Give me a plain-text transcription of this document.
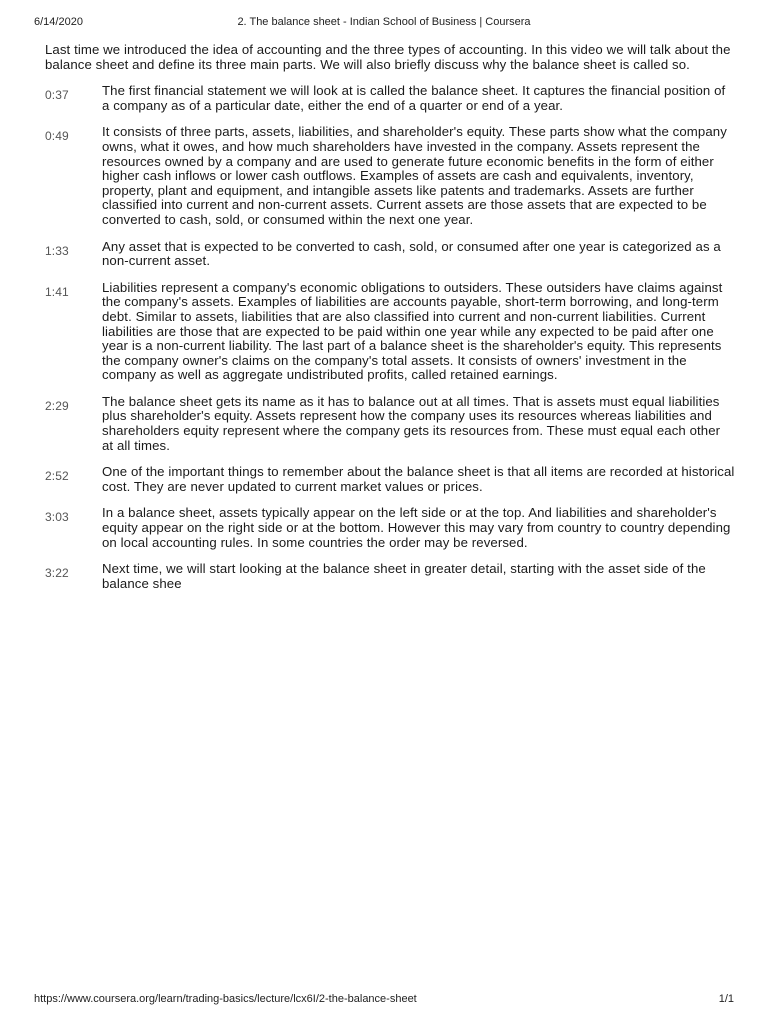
6/14/2020	2. The balance sheet - Indian School of Business | Coursera

Last time we introduced the idea of accounting and the three types of accounting. In this video we will talk about the balance sheet and define its three main parts. We will also briefly discuss why the balance sheet is called so.

0:37	The first financial statement we will look at is called the balance sheet. It captures the financial position of a company as of a particular date, either the end of a quarter or end of a year.
0:49	It consists of three parts, assets, liabilities, and shareholder's equity. These parts show what the company owns, what it owes, and how much shareholders have invested in the company. Assets represent the resources owned by a company and are used to generate future economic benefits in the form of either higher cash inflows or lower cash outflows. Examples of assets are cash and equivalents, inventory, property, plant and equipment, and intangible assets like patents and trademarks. Assets are further classified into current and non-current assets. Current assets are those assets that are expected to be converted to cash, sold, or consumed within the next one year.
1:33	Any asset that is expected to be converted to cash, sold, or consumed after one year is categorized as a non-current asset.
1:41	Liabilities represent a company's economic obligations to outsiders. These outsiders have claims against the company's assets. Examples of liabilities are accounts payable, short-term borrowing, and long-term debt. Similar to assets, liabilities that are also classified into current and non-current liabilities. Current liabilities are those that are expected to be paid within one year while any expected to be paid after one year is a non-current liability. The last part of a balance sheet is the shareholder's equity. This represents the company owner's claims on the company's total assets. It consists of owners' investment in the company as well as aggregate undistributed profits, called retained earnings.
2:29	The balance sheet gets its name as it has to balance out at all times. That is assets must equal liabilities plus shareholder's equity. Assets represent how the company uses its resources whereas liabilities and shareholders equity represent where the company gets its resources from. These must equal each other at all times.
2:52	One of the important things to remember about the balance sheet is that all items are recorded at historical cost. They are never updated to current market values or prices.
3:03	In a balance sheet, assets typically appear on the left side or at the top. And liabilities and shareholder's equity appear on the right side or at the bottom. However this may vary from country to country depending on local accounting rules. In some countries the order may be reversed.
3:22	Next time, we will start looking at the balance sheet in greater detail, starting with the asset side of the balance shee
https://www.coursera.org/learn/trading-basics/lecture/lcx6I/2-the-balance-sheet	1/1
